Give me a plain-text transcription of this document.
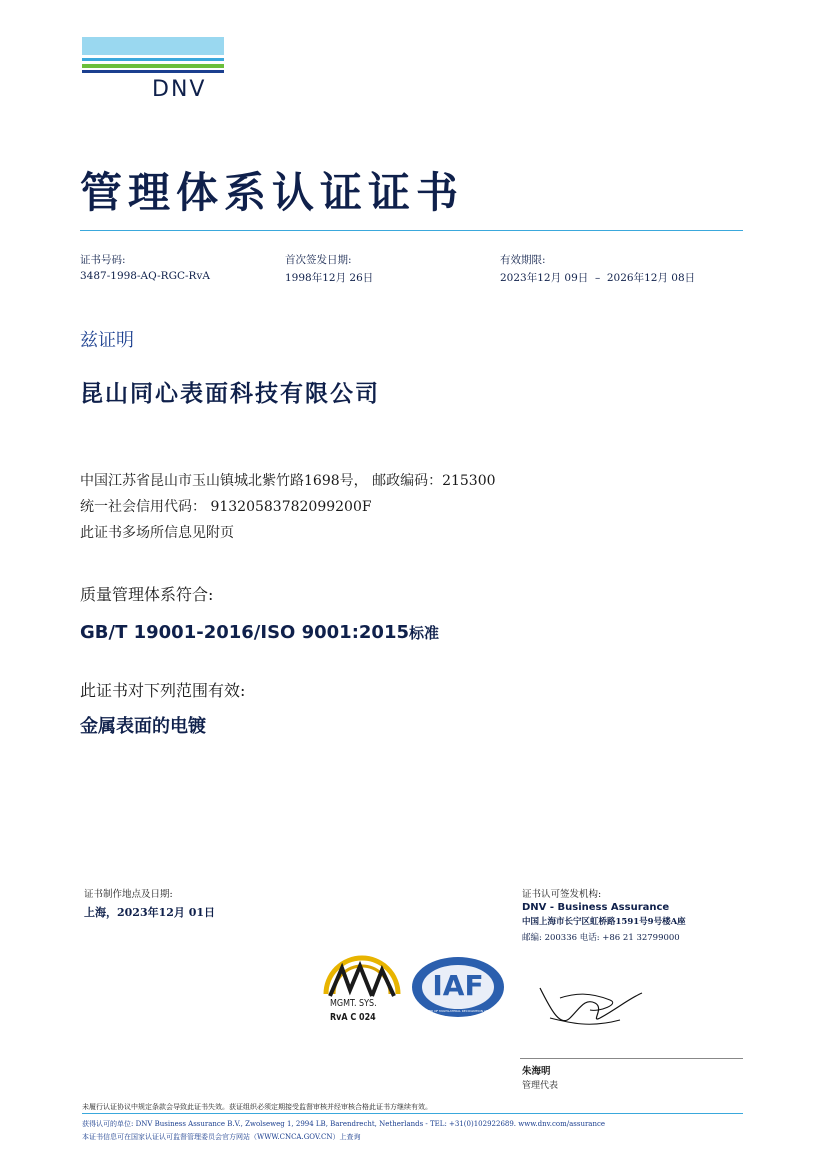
DNV
管理体系认证证书
证书号码:
3487-1998-AQ-RGC-RvA
首次签发日期:
1998年12月 26日
有效期限:
2023年12月 09日  –  2026年12月 08日
兹证明
昆山同心表面科技有限公司
中国江苏省昆山市玉山镇城北紫竹路1698号， 邮政编码：215300
统一社会信用代码： 91320583782099200F
此证书多场所信息见附页
质量管理体系符合:
GB/T 19001-2016/ISO 9001:2015标准
此证书对下列范围有效:
金属表面的电镀
证书制作地点及日期:
上海，2023年12月 01日
证书认可签发机构:
DNV - Business Assurance
中国上海市长宁区虹桥路1591号9号楼A座
邮编: 200336 电话: +86 21 32799000
MGMT. SYS.
RvA C 024
IAF
MEMBER OF MULTILATERAL RECOGNITION ARRANGEMENT
朱海明
管理代表
未履行认证协议中规定条款会导致此证书失效。获证组织必须定期接受监督审核并经审核合格此证书方继续有效。
获得认可的单位: DNV Business Assurance B.V., Zwolseweg 1, 2994 LB, Barendrecht, Netherlands - TEL: +31(0)102922689. www.dnv.com/assurance
本证书信息可在国家认证认可监督管理委员会官方网站（WWW.CNCA.GOV.CN）上查询
